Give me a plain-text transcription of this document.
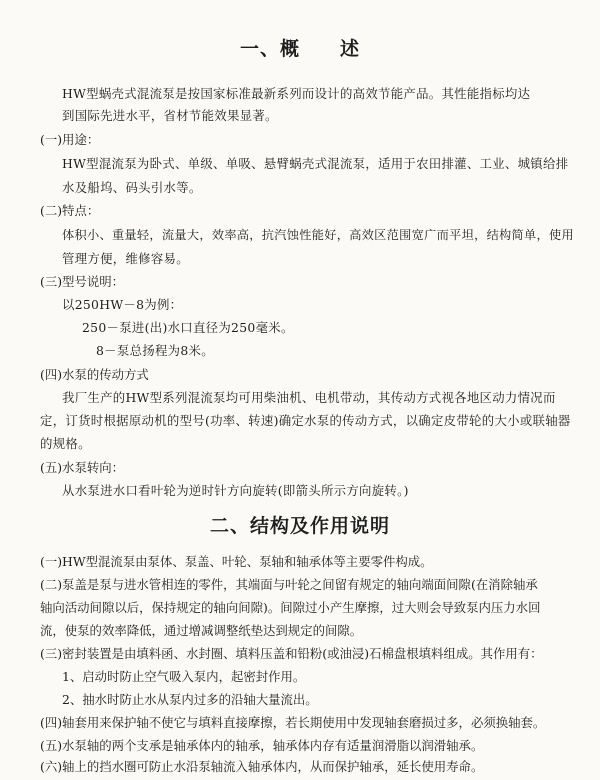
一、概　　述
HW型蜗壳式混流泵是按国家标准最新系列而设计的高效节能产品。其性能指标均达
到国际先进水平，省材节能效果显著。
(一)用途：
HW型混流泵为卧式、单级、单吸、悬臂蜗壳式混流泵，适用于农田排灌、工业、城镇给排
水及船坞、码头引水等。
(二)特点：
体积小、重量轻，流量大，效率高，抗汽蚀性能好，高效区范围宽广而平坦，结构简单，使用
管理方便，维修容易。
(三)型号说明：
以250HW－8为例：
250－泵进(出)水口直径为250毫米。
8－泵总扬程为8米。
(四)水泵的传动方式
我厂生产的HW型系列混流泵均可用柴油机、电机带动，其传动方式视各地区动力情况而
定，订货时根据原动机的型号(功率、转速)确定水泵的传动方式，以确定皮带轮的大小或联轴器
的规格。
(五)水泵转向：
从水泵进水口看叶轮为逆时针方向旋转(即箭头所示方向旋转。)
二、结构及作用说明
(一)HW型混流泵由泵体、泵盖、叶轮、泵轴和轴承体等主要零件构成。
(二)泵盖是泵与进水管相连的零件，其端面与叶轮之间留有规定的轴向端面间隙(在消除轴承
轴向活动间隙以后，保持规定的轴向间隙)。间隙过小产生摩擦，过大则会导致泵内压力水回
流，使泵的效率降低，通过增减调整纸垫达到规定的间隙。
(三)密封装置是由填料函、水封圈、填料压盖和铅粉(或油浸)石棉盘根填料组成。其作用有：
1、启动时防止空气吸入泵内，起密封作用。
2、抽水时防止水从泵内过多的沿轴大量流出。
(四)轴套用来保护轴不使它与填料直接摩擦，若长期使用中发现轴套磨损过多，必须换轴套。
(五)水泵轴的两个支承是轴承体内的轴承，轴承体内存有适量润滑脂以润滑轴承。
(六)轴上的挡水圈可防止水沿泵轴流入轴承体内，从而保护轴承，延长使用寿命。
